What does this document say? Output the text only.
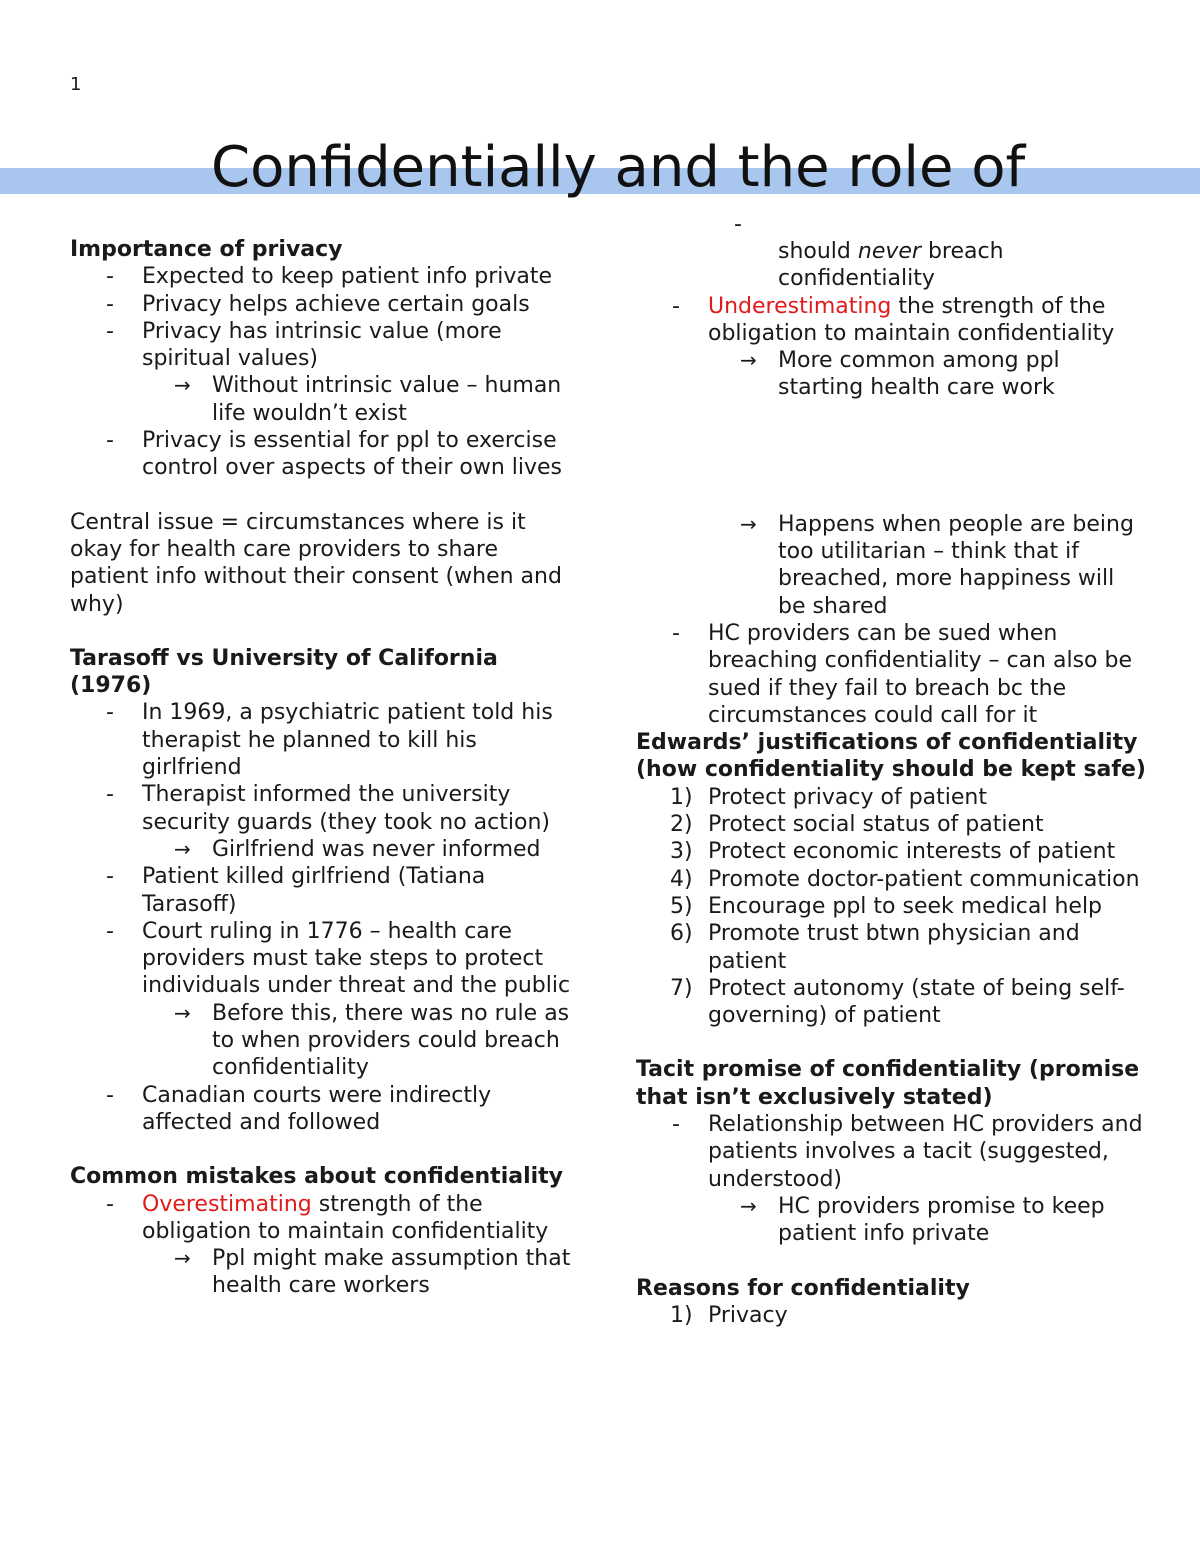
1
Confidentially and the role of
Importance of privacy
- Expected to keep patient info private
- Privacy helps achieve certain goals
- Privacy has intrinsic value (more spiritual values)
→ Without intrinsic value – human life wouldn’t exist
- Privacy is essential for ppl to exercise control over aspects of their own lives
Central issue = circumstances where is it okay for health care providers to share patient info without their consent (when and why)
Tarasoff vs University of California (1976)
- In 1969, a psychiatric patient told his therapist he planned to kill his girlfriend
- Therapist informed the university security guards (they took no action)
→ Girlfriend was never informed
- Patient killed girlfriend (Tatiana Tarasoff)
- Court ruling in 1776 – health care providers must take steps to protect individuals under threat and the public
→ Before this, there was no rule as to when providers could breach confidentiality
- Canadian courts were indirectly affected and followed
Common mistakes about confidentiality
- Overestimating strength of the obligation to maintain confidentiality
→ Ppl might make assumption that health care workers
-
should never breach confidentiality
- Underestimating the strength of the obligation to maintain confidentiality
→ More common among ppl starting health care work
→ Happens when people are being too utilitarian – think that if breached, more happiness will be shared
- HC providers can be sued when breaching confidentiality – can also be sued if they fail to breach bc the circumstances could call for it
Edwards’ justifications of confidentiality (how confidentiality should be kept safe)
1) Protect privacy of patient
2) Protect social status of patient
3) Protect economic interests of patient
4) Promote doctor-patient communication
5) Encourage ppl to seek medical help
6) Promote trust btwn physician and patient
7) Protect autonomy (state of being self-governing) of patient
Tacit promise of confidentiality (promise that isn’t exclusively stated)
- Relationship between HC providers and patients involves a tacit (suggested, understood)
→ HC providers promise to keep patient info private
Reasons for confidentiality
1) Privacy
